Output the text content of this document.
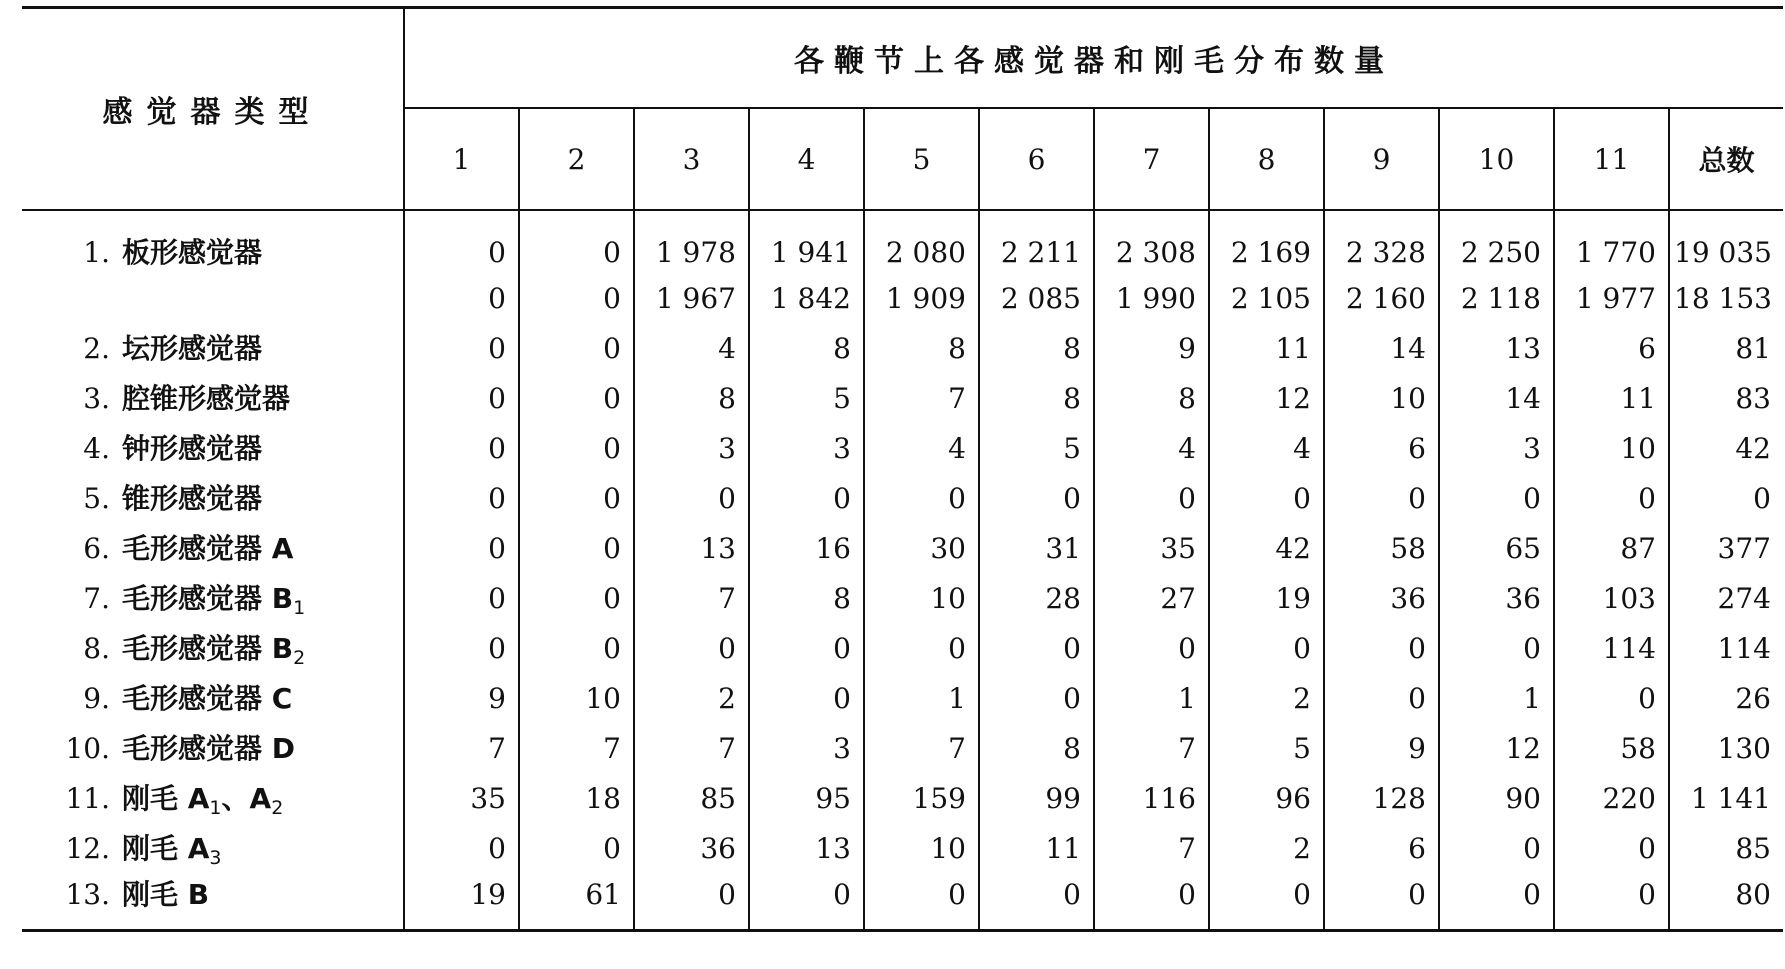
感觉器类型	各鞭节上各感觉器和刚毛分布数量											
	1	2	3	4	5	6	7	8	9	10	11	总数
1. 板形感觉器	0	0	1 978	1 941	2 080	2 211	2 308	2 169	2 328	2 250	1 770	19 035
	0	0	1 967	1 842	1 909	2 085	1 990	2 105	2 160	2 118	1 977	18 153
2. 坛形感觉器	0	0	4	8	8	8	9	11	14	13	6	81
3. 腔锥形感觉器	0	0	8	5	7	8	8	12	10	14	11	83
4. 钟形感觉器	0	0	3	3	4	5	4	4	6	3	10	42
5. 锥形感觉器	0	0	0	0	0	0	0	0	0	0	0	0
6. 毛形感觉器 A	0	0	13	16	30	31	35	42	58	65	87	377
7. 毛形感觉器 $B_1$	0	0	7	8	10	28	27	19	36	36	103	274
8. 毛形感觉器 $B_2$	0	0	0	0	0	0	0	0	0	0	114	114
9. 毛形感觉器 C	9	10	2	0	1	0	1	2	0	1	0	26
10. 毛形感觉器 D	7	7	7	3	7	8	7	5	9	12	58	130
11. 刚毛 $A_1$、$A_2$	35	18	85	95	159	99	116	96	128	90	220	1 141
12. 刚毛 $A_3$	0	0	36	13	10	11	7	2	6	0	0	85
13. 刚毛 B	19	61	0	0	0	0	0	0	0	0	0	80
